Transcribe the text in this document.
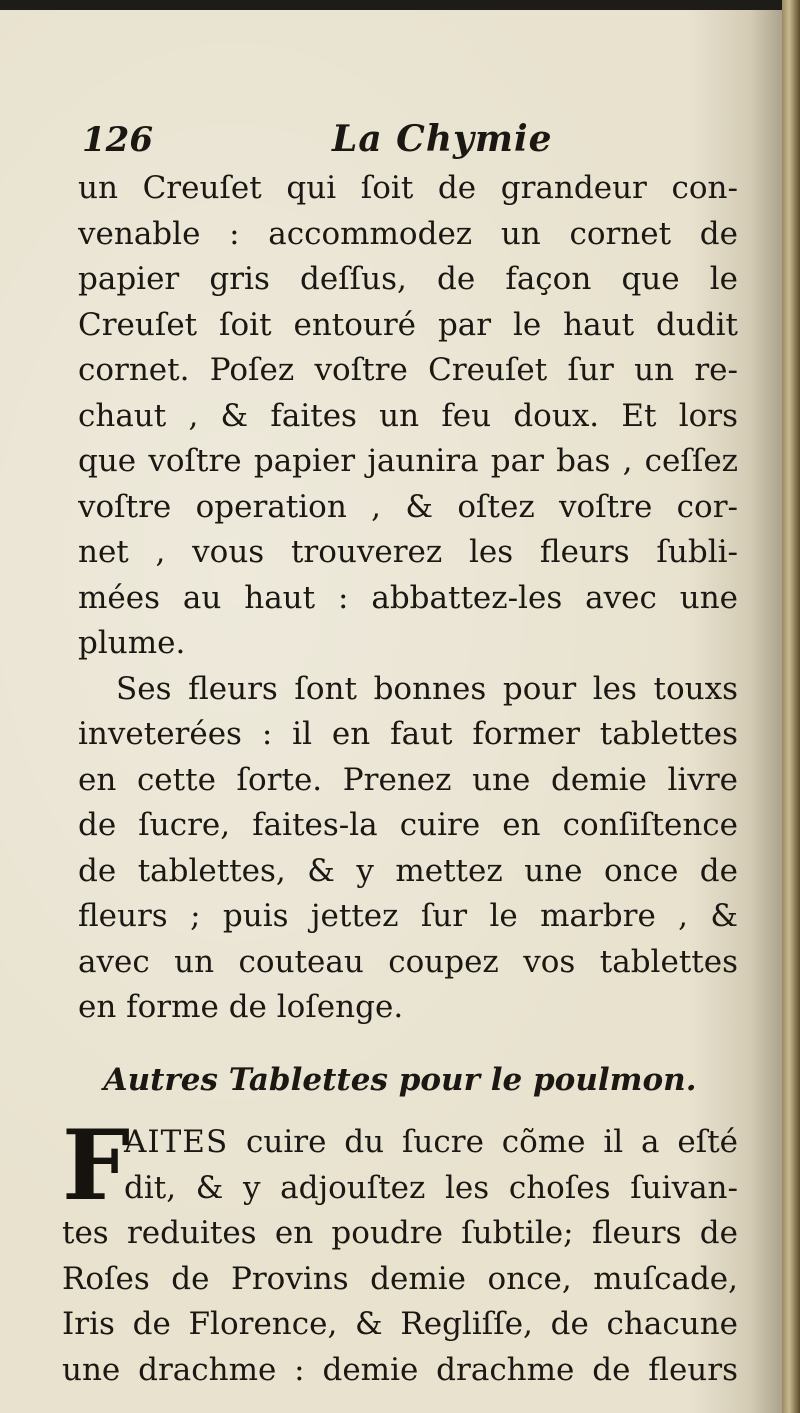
126	La Chymie
un Creuſet qui ſoit de grandeur con-
venable : accommodez un cornet de
papier gris deſſus, de façon que le
Creuſet ſoit entouré par le haut dudit
cornet. Poſez voſtre Creuſet ſur un re-
chaut , & faites un feu doux. Et lors
que voſtre papier jaunira par bas , ceſſez
voſtre operation , & oſtez voſtre cor-
net , vous trouverez les fleurs ſubli-
mées au haut : abbattez-les avec une
plume.
Ses fleurs ſont bonnes pour les touxs
inveterées : il en faut former tablettes
en cette ſorte. Prenez une demie livre
de ſucre, faites-la cuire en conſiſtence
de tablettes, & y mettez une once de
fleurs ; puis jettez ſur le marbre , &
avec un couteau coupez vos tablettes
en forme de loſenge.
Autres Tablettes pour le poulmon.
F
AITES cuire du ſucre cõme il a eſté
dit, & y adjouſtez les choſes ſuivan-
tes reduites en poudre ſubtile; fleurs de
Roſes de Provins demie once, muſcade,
Iris de Florence, & Regliſſe, de chacune
une drachme : demie drachme de fleurs
